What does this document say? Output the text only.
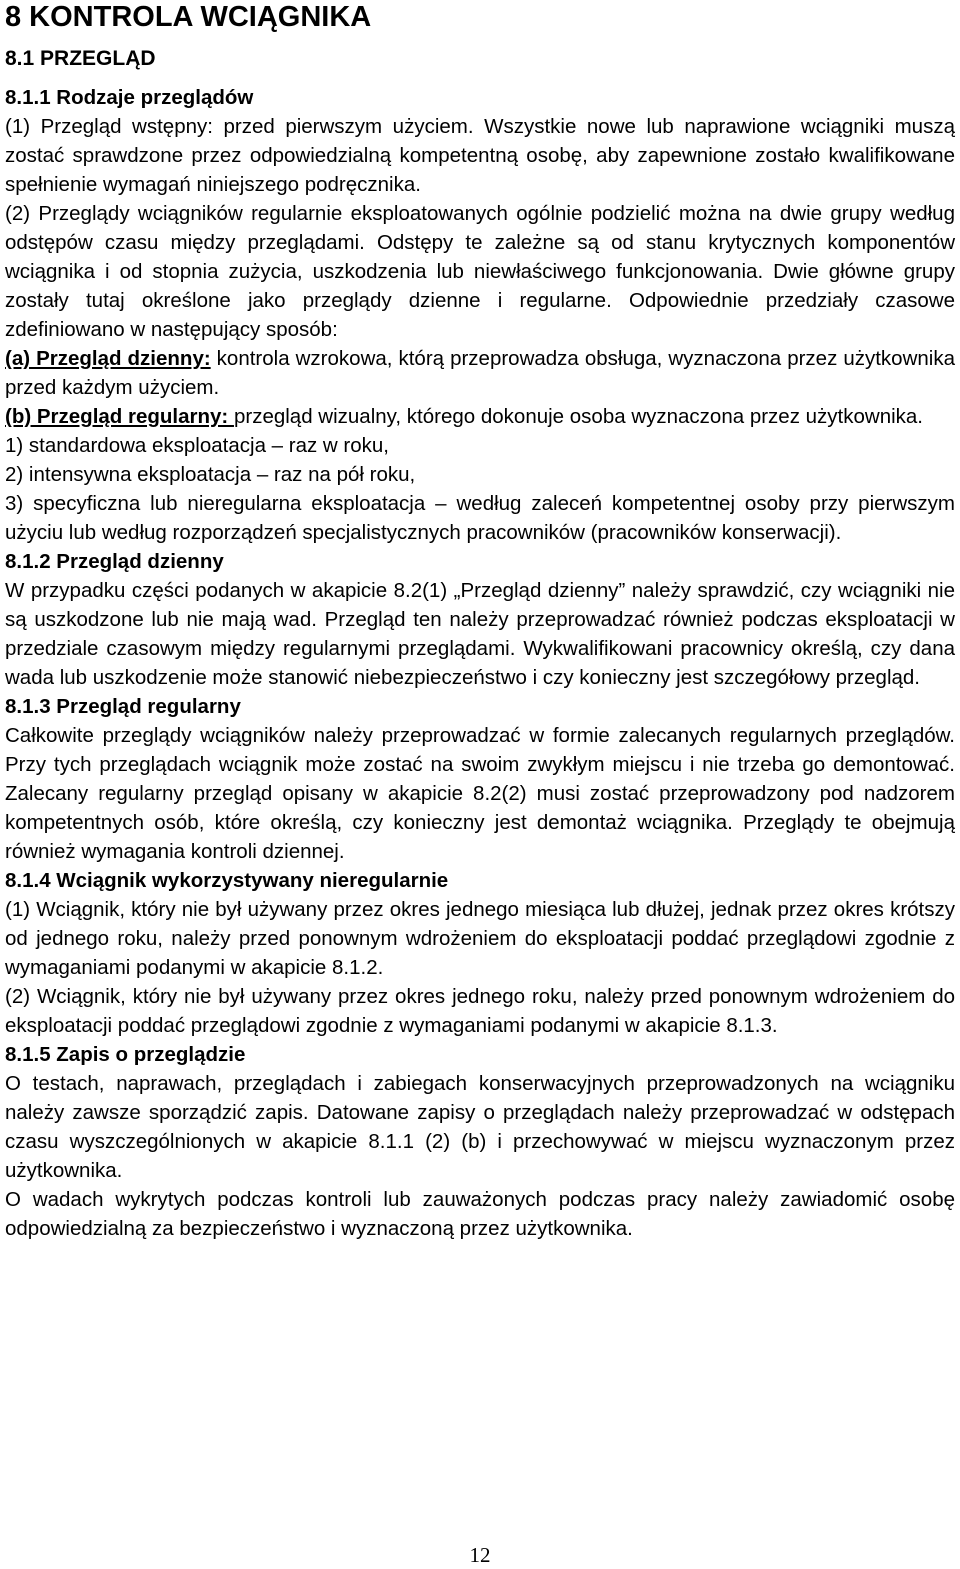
8 KONTROLA WCIĄGNIKA
8.1 PRZEGLĄD
8.1.1 Rodzaje przeglądów

(1) Przegląd wstępny: przed pierwszym użyciem. Wszystkie nowe lub naprawione wciągniki muszą zostać sprawdzone przez odpowiedzialną kompetentną osobę, aby zapewnione zostało kwalifikowane spełnienie wymagań niniejszego podręcznika.

(2) Przeglądy wciągników regularnie eksploatowanych ogólnie podzielić można na dwie grupy według odstępów czasu między przeglądami. Odstępy te zależne są od stanu krytycznych komponentów wciągnika i od stopnia zużycia, uszkodzenia lub niewłaściwego funkcjonowania. Dwie główne grupy zostały tutaj określone jako przeglądy dzienne i regularne. Odpowiednie przedziały czasowe zdefiniowano w następujący sposób:

(a) Przegląd dzienny: kontrola wzrokowa, którą przeprowadza obsługa, wyznaczona przez użytkownika przed każdym użyciem.

(b) Przegląd regularny: przegląd wizualny, którego dokonuje osoba wyznaczona przez użytkownika.

1) standardowa eksploatacja – raz w roku,

2) intensywna eksploatacja – raz na pół roku,

3) specyficzna lub nieregularna eksploatacja – według zaleceń kompetentnej osoby przy pierwszym użyciu lub według rozporządzeń specjalistycznych pracowników (pracowników konserwacji).

8.1.2 Przegląd dzienny

W przypadku części podanych w akapicie 8.2(1) „Przegląd dzienny” należy sprawdzić, czy wciągniki nie są uszkodzone lub nie mają wad. Przegląd ten należy przeprowadzać również podczas eksploatacji w przedziale czasowym między regularnymi przeglądami. Wykwalifikowani pracownicy określą, czy dana wada lub uszkodzenie może stanowić niebezpieczeństwo i czy konieczny jest szczegółowy przegląd.

8.1.3 Przegląd regularny

Całkowite przeglądy wciągników należy przeprowadzać w formie zalecanych regularnych przeglądów. Przy tych przeglądach wciągnik może zostać na swoim zwykłym miejscu i nie trzeba go demontować. Zalecany regularny przegląd opisany w akapicie 8.2(2) musi zostać przeprowadzony pod nadzorem kompetentnych osób, które określą, czy konieczny jest demontaż wciągnika. Przeglądy te obejmują również wymagania kontroli dziennej.

8.1.4 Wciągnik wykorzystywany nieregularnie

(1) Wciągnik, który nie był używany przez okres jednego miesiąca lub dłużej, jednak przez okres krótszy od jednego roku, należy przed ponownym wdrożeniem do eksploatacji poddać przeglądowi zgodnie z wymaganiami podanymi w akapicie 8.1.2.

(2) Wciągnik, który nie był używany przez okres jednego roku, należy przed ponownym wdrożeniem do eksploatacji poddać przeglądowi zgodnie z wymaganiami podanymi w akapicie 8.1.3.

8.1.5 Zapis o przeglądzie

O testach, naprawach, przeglądach i zabiegach konserwacyjnych przeprowadzonych na wciągniku należy zawsze sporządzić zapis. Datowane zapisy o przeglądach należy przeprowadzać w odstępach czasu wyszczególnionych w akapicie 8.1.1 (2) (b) i przechowywać w miejscu wyznaczonym przez użytkownika.

O wadach wykrytych podczas kontroli lub zauważonych podczas pracy należy zawiadomić osobę odpowiedzialną za bezpieczeństwo i wyznaczoną przez użytkownika.

12
